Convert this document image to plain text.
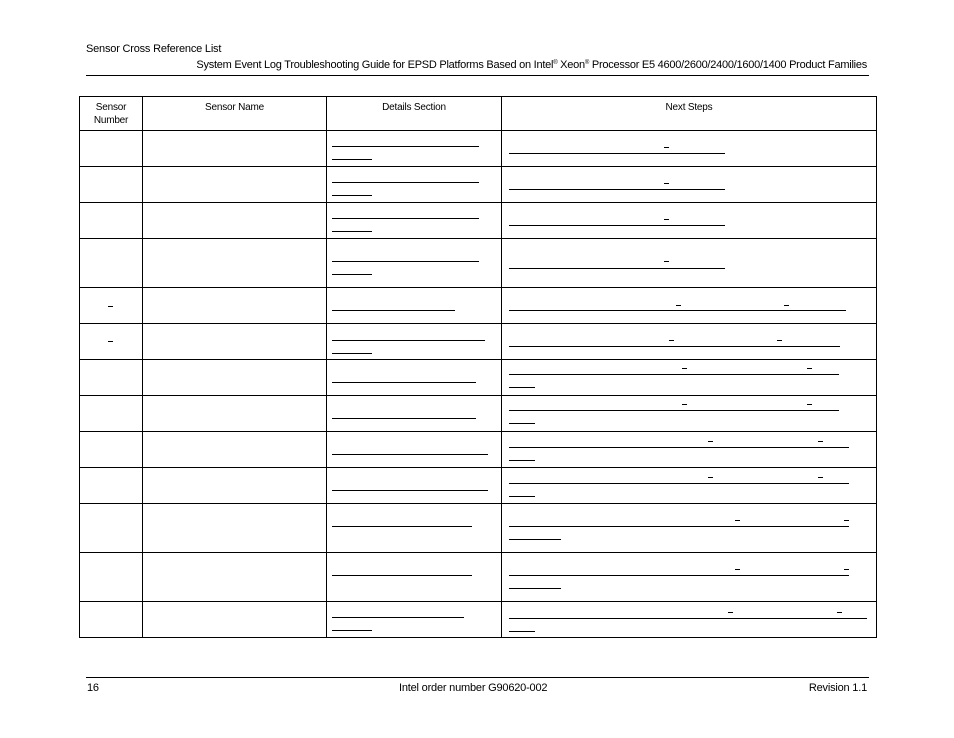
Sensor Cross Reference List
System Event Log Troubleshooting Guide for EPSD Platforms Based on Intel® Xeon® Processor E5 4600/2600/2400/1600/1400 Product Families
Sensor Number	Sensor Name	Details Section	Next Steps

16	Intel order number G90620-002	Revision 1.1
